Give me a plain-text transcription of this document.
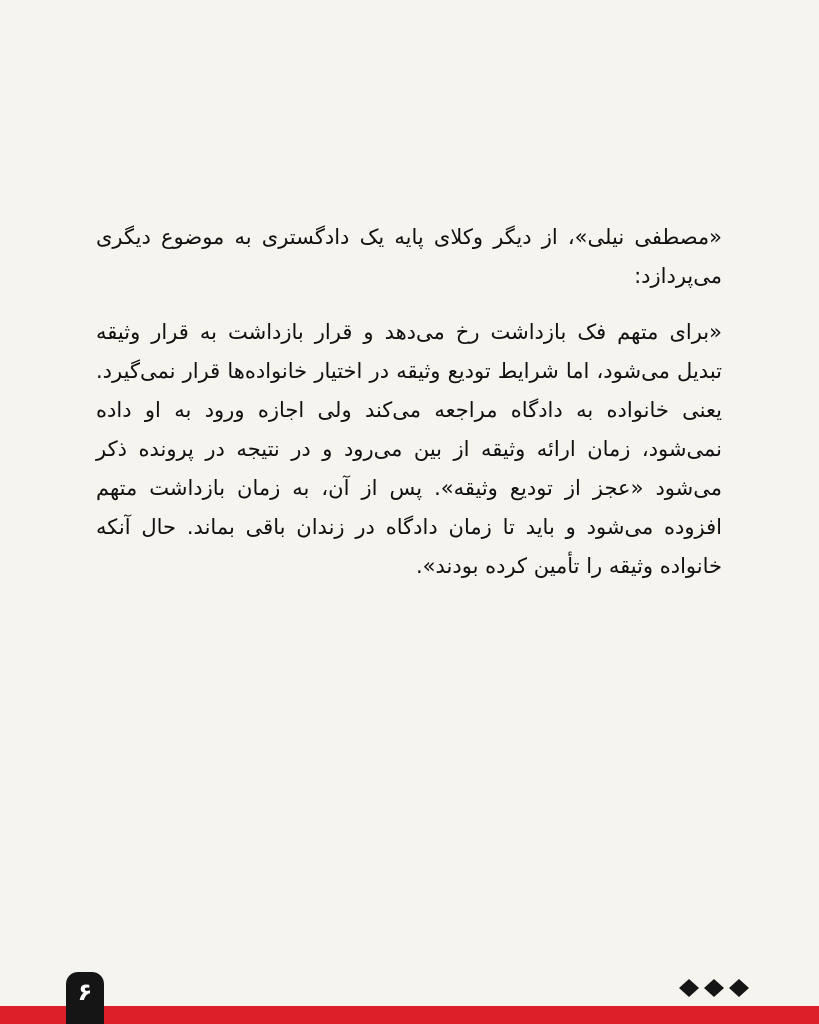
«مصطفی نیلی»، از دیگر وکلای پایه یک دادگستری به موضوع دیگری می‌پردازد:

«برای متهم فک بازداشت رخ می‌دهد و قرار بازداشت به قرار وثیقه تبدیل می‌شود، اما شرایط تودیع وثیقه در اختیار خانواده‌ها قرار نمی‌گیرد. یعنی خانواده به دادگاه مراجعه می‌کند ولی اجازه ورود به او داده نمی‌شود، زمان ارائه وثیقه از بین می‌رود و در نتیجه در پرونده ذکر می‌شود «عجز از تودیع وثیقه». پس از آن، به زمان بازداشت متهم افزوده می‌شود و باید تا زمان دادگاه در زندان باقی بماند. حال آنکه خانواده وثیقه را تأمین کرده بودند».

۶
